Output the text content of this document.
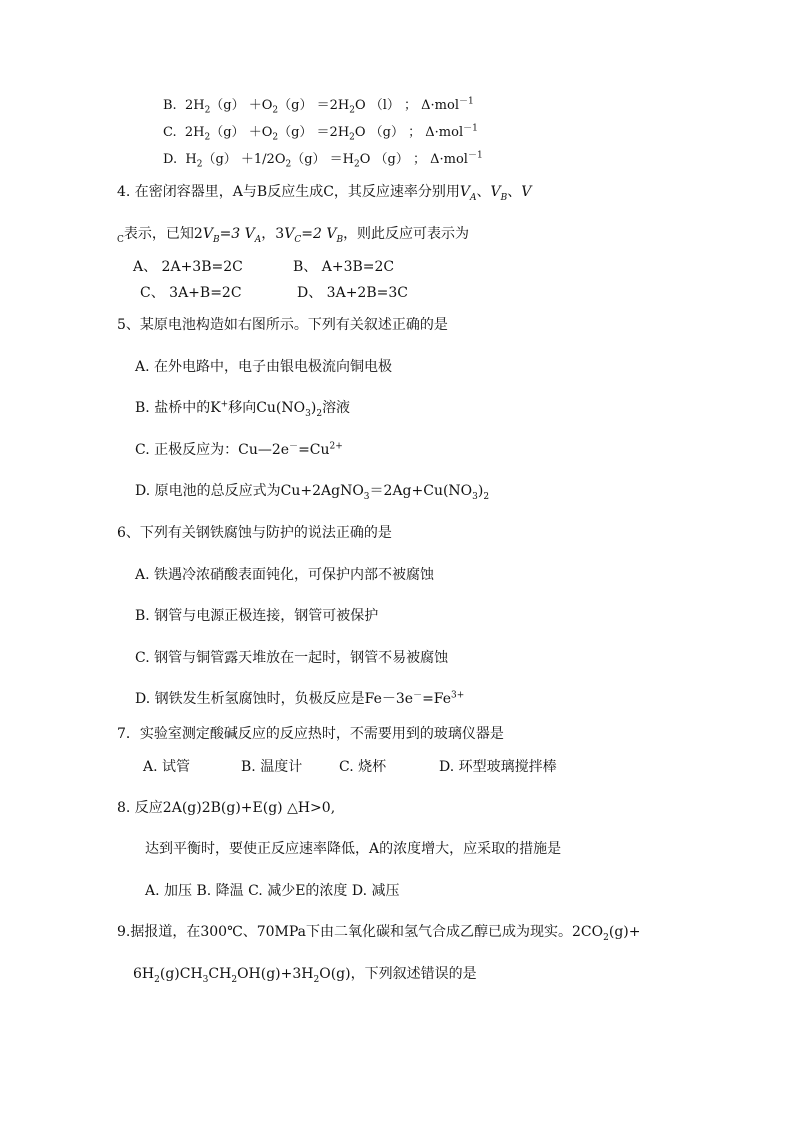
B. $2H_2(g) +O_2(g) =2H_2O$ （l） ； Δ·mol$^{-1}$
C. $2H_2(g) +O_2(g) =2H_2O$ （g） ； Δ·mol$^{-1}$
D. $H_2(g) +1/2O_2(g) =H_2O$ （g） ； Δ·mol$^{-1}$
4. 在密闭容器里，A与B反应生成C，其反应速率分别用$V_A$、$V_B$、V
$_C$表示，已知$2V_B=3$ $V_A$，$3V_C=2$ $V_B$，则此反应可表示为
A、 2A+3B=2C	B、 A+3B=2C
C、 3A+B=2C	D、 3A+2B=3C
5、某原电池构造如右图所示。下列有关叙述正确的是
A. 在外电路中，电子由银电极流向铜电极
B. 盐桥中的K+移向$Cu(NO_3)_2$溶液
C. 正极反应为：$Cu—2e^-=Cu^{2+}$
D. 原电池的总反应式为$Cu+2AgNO_3=2Ag+Cu(NO_3)_2$
6、下列有关钢铁腐蚀与防护的说法正确的是
A. 铁遇冷浓硝酸表面钝化，可保护内部不被腐蚀
B. 钢管与电源正极连接，钢管可被保护
C. 钢管与铜管露天堆放在一起时，钢管不易被腐蚀
D. 钢铁发生析氢腐蚀时，负极反应是$Fe-3e^-=Fe^{3+}$
7．实验室测定酸碱反应的反应热时，不需要用到的玻璃仪器是
A. 试管	B. 温度计	C. 烧杯	D. 环型玻璃搅拌棒
8. 反应2A(g)2B(g)+E(g) △H>0,
达到平衡时，要使正反应速率降低，A的浓度增大，应采取的措施是
A. 加压 B. 降温 C. 减少E的浓度 D. 减压
9.据报道，在300℃、70MPa下由二氧化碳和氢气合成乙醇已成为现实。$2CO_2(g)+$
$6H_2(g)CH_3CH_2OH(g)+3H_2O(g)$，下列叙述错误的是
